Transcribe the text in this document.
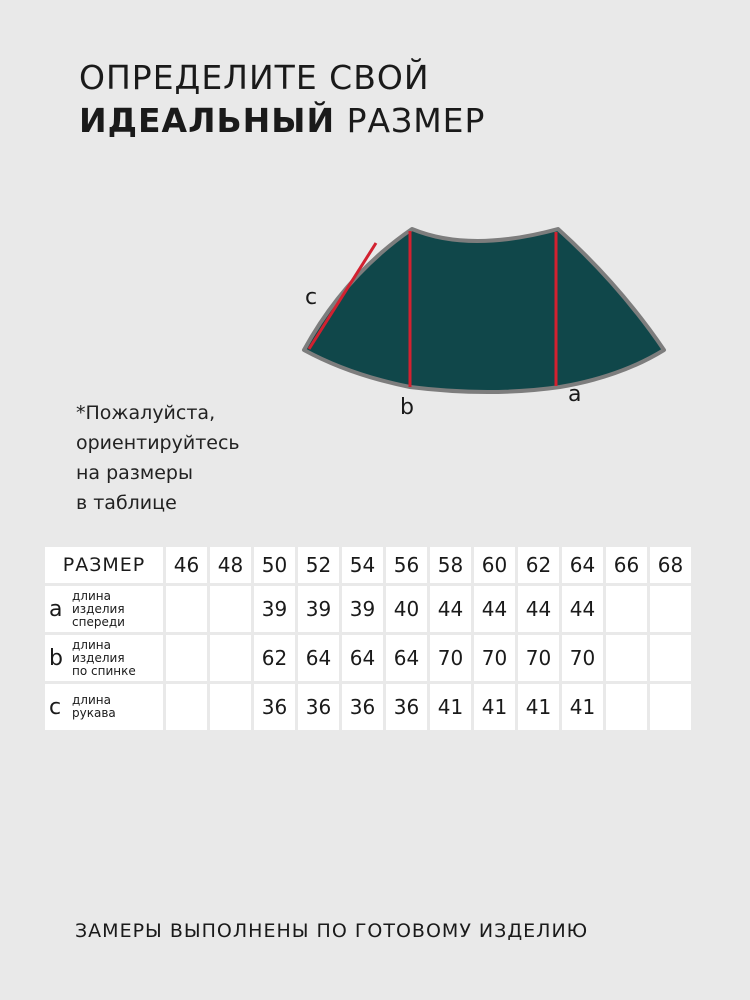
ОПРЕДЕЛИТЕ СВОЙ
ИДЕАЛЬНЫЙ РАЗМЕР
c
b
a
*Пожалуйста,
ориентируйтесь
на размеры
в таблице
РАЗМЕР	46	48	50	52	54	56	58	60	62	64	66	68

a
длина
изделия
спереди			39	39	39	40	44	44	44	44		

b
длина
изделия
по спинке			62	64	64	64	70	70	70	70		

c длина
рукава			36	36	36	36	41	41	41	41		
ЗАМЕРЫ ВЫПОЛНЕНЫ ПО ГОТОВОМУ ИЗДЕЛИЮ
